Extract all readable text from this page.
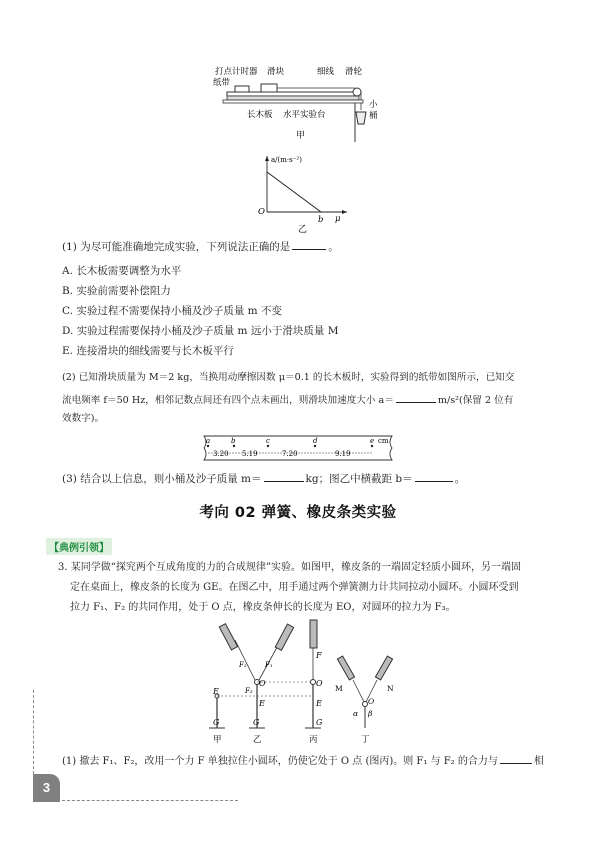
打点计时器 滑块	细线 滑轮
纸带
小
桶
长木板 水平实验台
甲
a/(m·s⁻²)
O
b μ
乙
(1) 为尽可能准确地完成实验，下列说法正确的是	。
A. 长木板需要调整为水平
B. 实验前需要补偿阻力
C. 实验过程不需要保持小桶及沙子质量 m 不变
D. 实验过程需要保持小桶及沙子质量 m 远小于滑块质量 M
E. 连接滑块的细线需要与长木板平行
(2) 已知滑块质量为 M＝2 kg，当换用动摩擦因数 μ＝0.1 的长木板时，实验得到的纸带如图所示，已知交
流电频率 f＝50 Hz，相邻记数点间还有四个点未画出，则滑块加速度大小 a＝	m/s²(保留 2 位有
效数字)。
a	b	c	d	e cm
3.20 5.19	7.20	9.19
(3) 结合以上信息，则小桶及沙子质量 m＝	kg；图乙中横截距 b＝	。
考向 02 弹簧、橡皮条类实验
【典例引领】
3. 某同学做“探究两个互成角度的力的合成规律”实验。如图甲，橡皮条的一端固定轻质小圆环，另一端固
定在桌面上，橡皮条的长度为 GE。在图乙中，用手通过两个弹簧测力计共同拉动小圆环。小圆环受到
拉力 F₁、F₂ 的共同作用，处于 O 点，橡皮条伸长的长度为 EO，对圆环的拉力为 F₃。
E
G
甲
F₂	F₁
F₃
O
E
G
乙
F
O
E
G
丙
M	N
O
α β
丁
(1) 撤去 F₁、F₂，改用一个力 F 单独拉住小圆环，仍使它处于 O 点 (图丙)。则 F₁ 与 F₂ 的合力与	相
3
